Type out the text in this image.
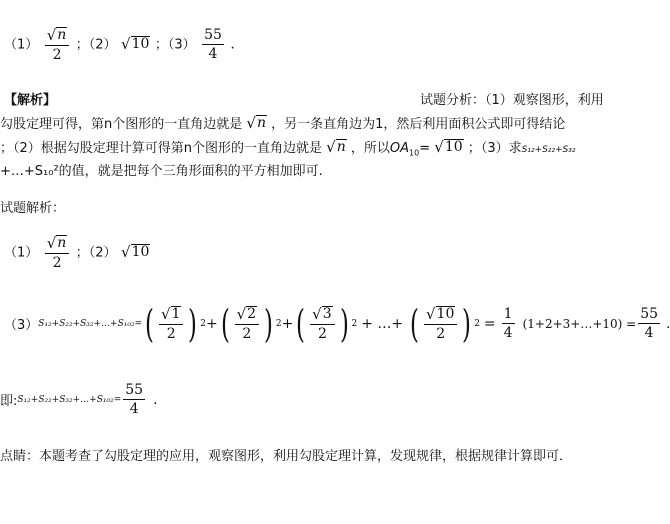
$(1) \frac{√ n}{2}$ ；（2） √ 10 ；$(3) \frac{55}{4}$ .
【解析】	试题分析：（1）观察图形，利用
勾股定理可得，第n个图形的一直角边就是 √ n ，另一条直角边为1，然后利用面积公式即可得结论
；（2）根据勾股定理计算可得第n个图形的一直角边就是 √ n ，所以$OA_{10}=$ √ 10 ；（3）求S₁₂+S₂₂+S₃₂
+…+S₁₀²的值，就是把每个三角形面积的平方相加即可.
试题解析：
$(1) \frac{√ n}{2}$ ；（2） √ 10
（3） S₁₂+S₂₂+S₃₂+…+S₁₀₂= ( $\frac{√ 1}{2}$ ) 2 + ( $\frac{√ 2}{2}$ ) 2 + ( $\frac{√ 3}{2}$ ) 2 + …+ ( $\frac{√ 10}{2}$ ) $2 = \frac{1}{4}$ (1+2+3+…+10) = $\frac{55}{4}$
即: S₁₂+S₂₂+S₃₂+…+S₁₀₂= $\frac{55}{4}$ .
点睛：本题考查了勾股定理的应用，观察图形，利用勾股定理计算，发现规律，根据规律计算即可．
